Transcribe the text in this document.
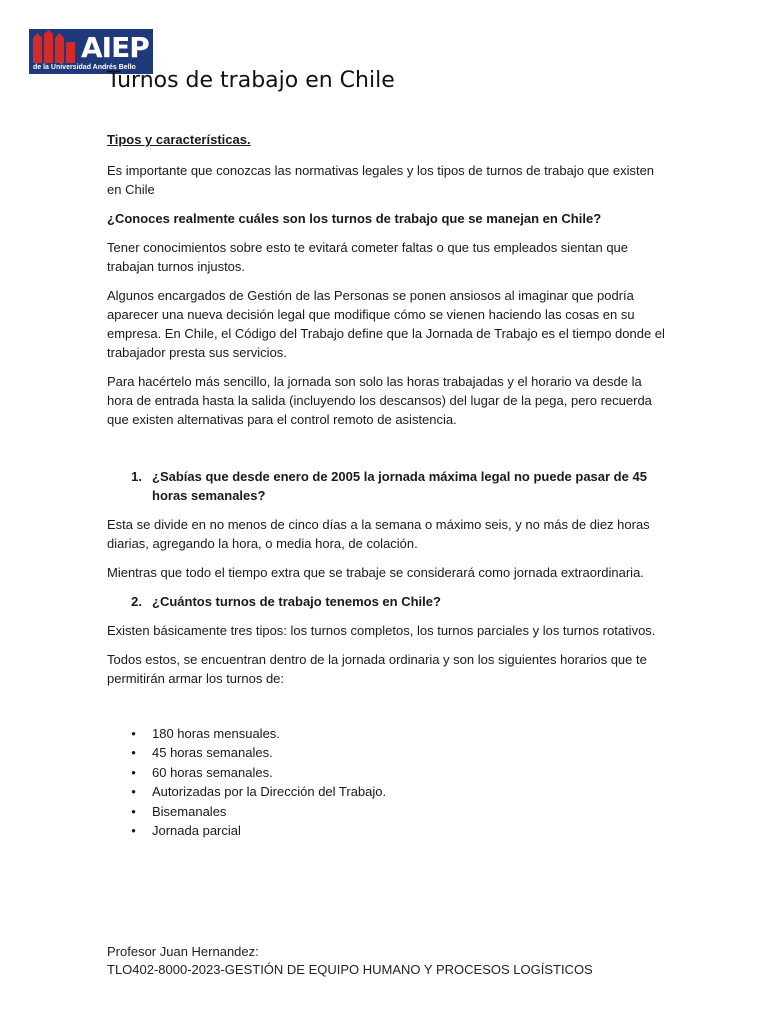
AIEP
de la Universidad Andrés Bello
Turnos de trabajo en Chile
Tipos y características.

Es importante que conozcas las normativas legales y los tipos de turnos de trabajo que existen en Chile

¿Conoces realmente cuáles son los turnos de trabajo que se manejan en Chile?

Tener conocimientos sobre esto te evitará cometer faltas o que tus empleados sientan que trabajan turnos injustos.

Algunos encargados de Gestión de las Personas se ponen ansiosos al imaginar que podría aparecer una nueva decisión legal que modifique cómo se vienen haciendo las cosas en su empresa. En Chile, el Código del Trabajo define que la Jornada de Trabajo es el tiempo donde el trabajador presta sus servicios.

Para hacértelo más sencillo, la jornada son solo las horas trabajadas y el horario va desde la hora de entrada hasta la salida (incluyendo los descansos) del lugar de la pega, pero recuerda que existen alternativas para el control remoto de asistencia.

1. ¿Sabías que desde enero de 2005 la jornada máxima legal no puede pasar de 45 horas semanales?

Esta se divide en no menos de cinco días a la semana o máximo seis, y no más de diez horas diarias, agregando la hora, o media hora, de colación.

Mientras que todo el tiempo extra que se trabaje se considerará como jornada extraordinaria.

2. ¿Cuántos turnos de trabajo tenemos en Chile?

Existen básicamente tres tipos: los turnos completos, los turnos parciales y los turnos rotativos.

Todos estos, se encuentran dentro de la jornada ordinaria y son los siguientes horarios que te permitirán armar los turnos de:

•	180 horas mensuales.
•	45 horas semanales.
•	60 horas semanales.
•	Autorizadas por la Dirección del Trabajo.
•	Bisemanales
•	Jornada parcial
Profesor Juan Hernandez:
TLO402-8000-2023-GESTIÓN DE EQUIPO HUMANO Y PROCESOS LOGÍSTICOS
